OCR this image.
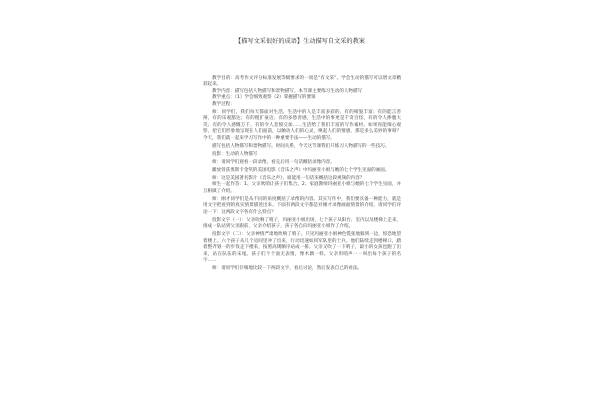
【描写文采很好的成语】生动描写自文采的教案

教学目的：高考作文评分标准发展等级要求的一项是“有文采”。学会生动的描写可以增文章精彩起来。

教学内容：描写包括人物描写和景物描写。本节课主要练习生动的人物描写

教学重点：（1）学会细致观察（2）掌握描写的要领

教学过程：

师：同学们，我们每天都面对生活，生活中的人是丰富多彩的，有的相貌丰富；有的能言善辩，有的乐观豁达；有的粗犷豪迈；有的多愁善感，生活中的事更是千奇百怪，有的令人捧腹大笑；有的令人感慨万千，有的令人悲愤交加……生活给了我们丰富的写作素材。如果你能细心观察，把它们形象地呈现在人们面前，以触动人们的心灵，唤起人们的情感，那是多么美妙的事呀？今天，我们就一起来学习写作中的一种重要手法——生动的描写。

描写包括人物描写和景物描写。时间关系，今天这节课我们只练习人物描写的一些技巧。

投影：生动的人物描写

师：请同学们观看一段录像，看完后用一句话概括录像内容。

播放曾获奥斯卡金奖的美国电影《音乐之声》中玛丽亚小姐与她的七个学生见面的画面。

师：这是美国著名影片《音乐之声》，谁能用一句话来概括这段视频的内容？

师生一起作答：1、父亲吹哨让孩子们集合。2、家庭教师玛丽亚小姐与她的七个学生见面，并互相做了介绍。

师：刚才同学们是从不同的角度概括了录像的内容。其实写作中，我们要具备一种能力，就是用文字把看到的真实情景描述出来。下面有两段文字都是对刚才录像画面情景的介绍，请同学们评论一下：这两段文字各有什么特点？

投影文字（一）：父亲吹响了哨子，玛丽亚小姐出场，七个孩子从阳台、室内以及楼梯上走来，排成一队站到父亲跟前，父亲介绍孩子，孩子各自向玛丽亚小姐作了介绍。

投影文字（二）：父亲神情严肃地吹响了哨子。只见玛丽亚小姐神色慌张地躲到一边，惊恐地望着楼上。六个孩子从几个房间里冲了出来，行动迅速如同军队里的士兵。他们陆续走到楼梯口，踏着整齐划一的步伐走下楼来，按照高矮顺序站成一排。父亲又吹了一下哨子，最小的女孩也跑了出来，站在队伍的末尾。孩子们个个面无表情，像木偶一样。父亲用哨声一一叫出每个孩子的名字……

师：请同学们仔细地比较一下两段文字，看后讨论，然后发表自己的看法。
